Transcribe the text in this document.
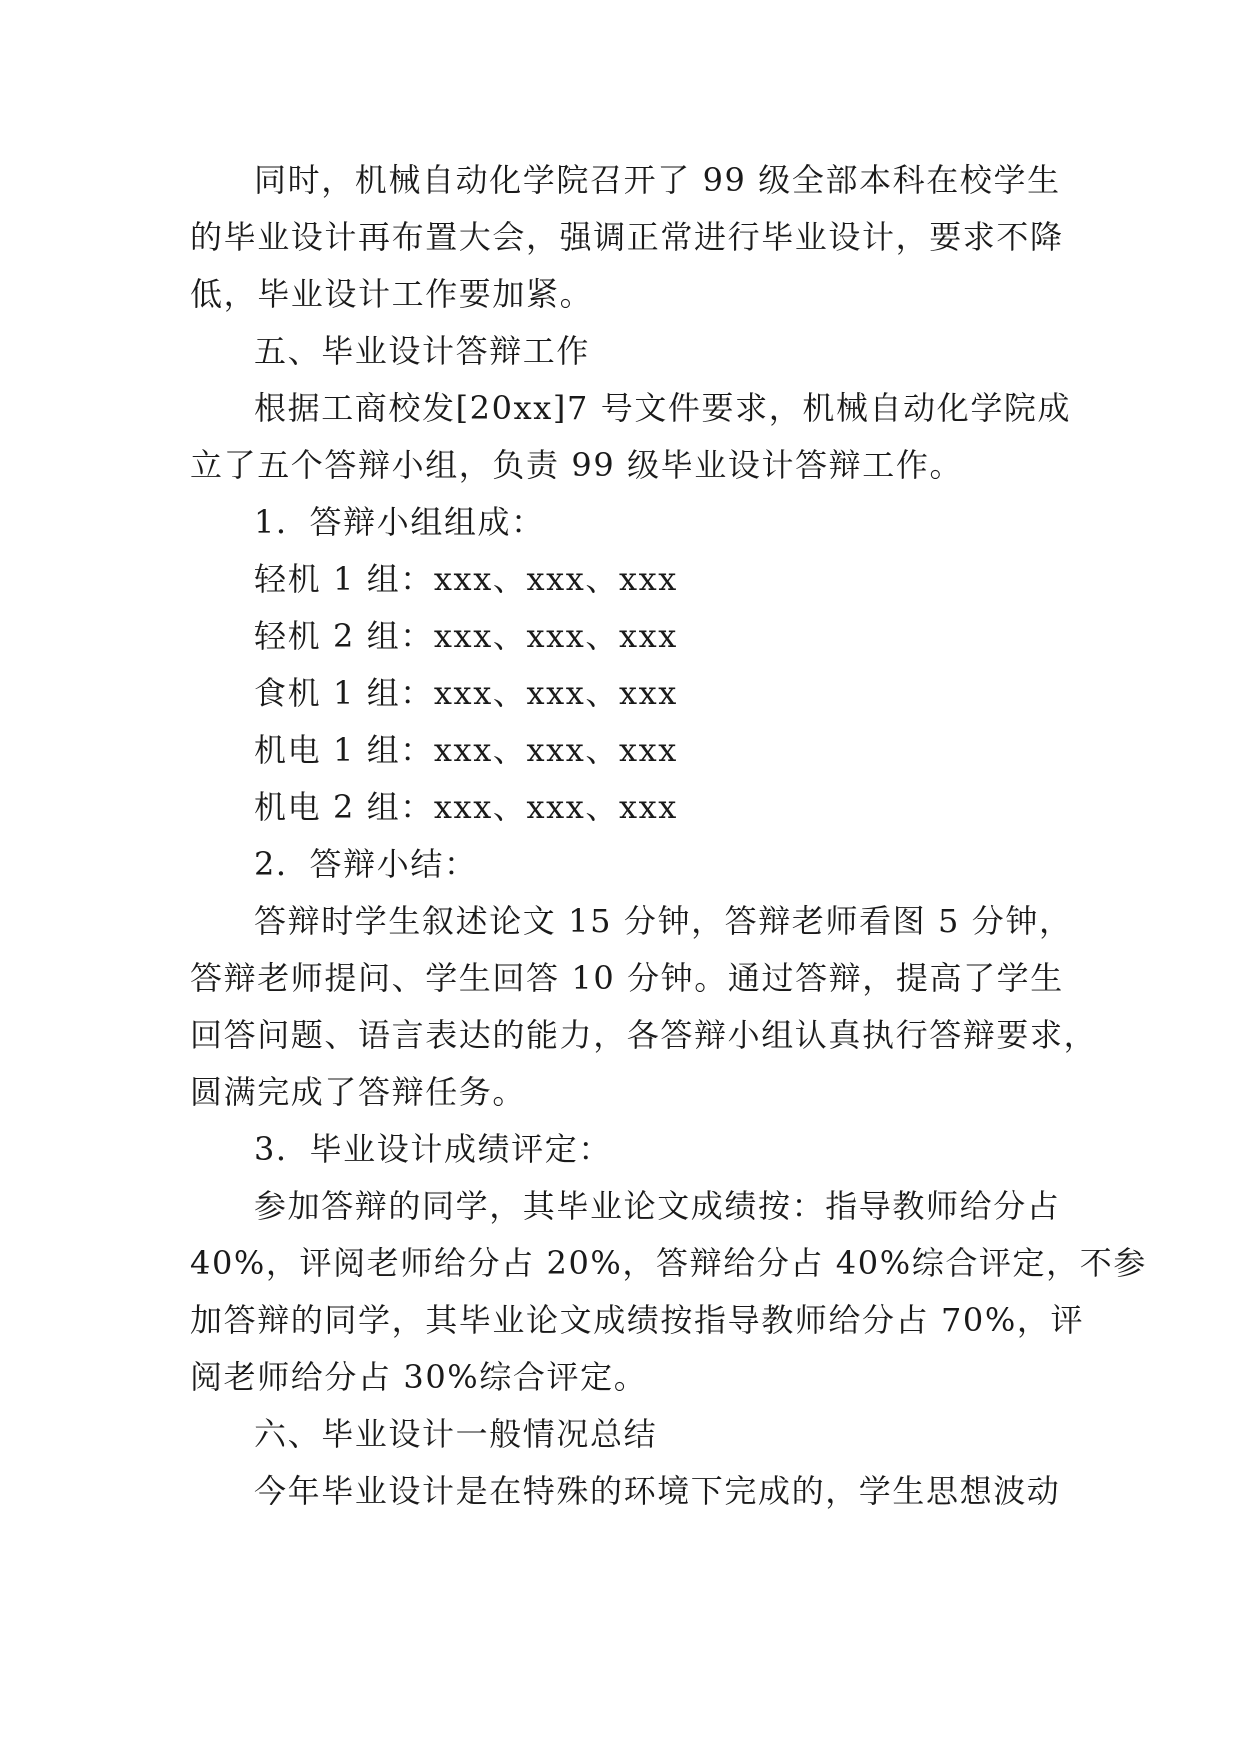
同时，机械自动化学院召开了 99 级全部本科在校学生
的毕业设计再布置大会，强调正常进行毕业设计，要求不降
低，毕业设计工作要加紧。
五、毕业设计答辩工作
根据工商校发[20xx]7 号文件要求，机械自动化学院成
立了五个答辩小组，负责 99 级毕业设计答辩工作。
1．答辩小组组成：
轻机 1 组：xxx、xxx、xxx
轻机 2 组：xxx、xxx、xxx
食机 1 组：xxx、xxx、xxx
机电 1 组：xxx、xxx、xxx
机电 2 组：xxx、xxx、xxx
2．答辩小结：
答辩时学生叙述论文 15 分钟，答辩老师看图 5 分钟，
答辩老师提问、学生回答 10 分钟。通过答辩，提高了学生
回答问题、语言表达的能力，各答辩小组认真执行答辩要求，
圆满完成了答辩任务。
3．毕业设计成绩评定：
参加答辩的同学，其毕业论文成绩按：指导教师给分占
40%，评阅老师给分占 20%，答辩给分占 40%综合评定，不参
加答辩的同学，其毕业论文成绩按指导教师给分占 70%，评
阅老师给分占 30%综合评定。
六、毕业设计一般情况总结
今年毕业设计是在特殊的环境下完成的，学生思想波动
